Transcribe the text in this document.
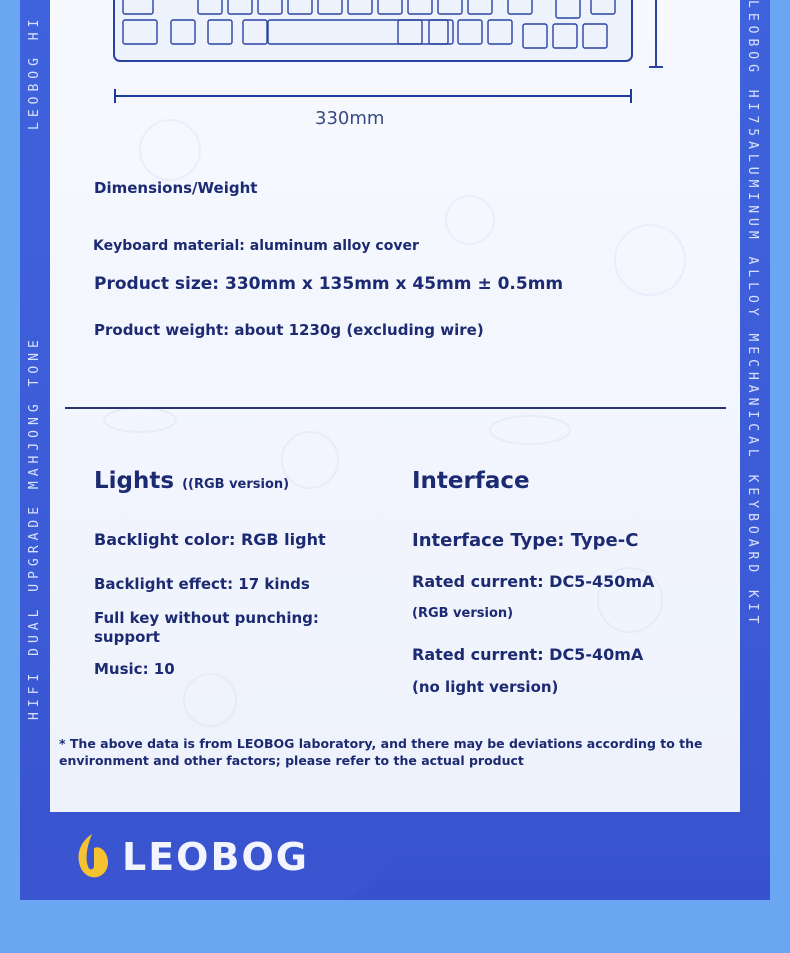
HIFI DUAL UPGRADE MAHJONG TONE
LEOBOG HI	LEOBOG HI75ALUMINUM ALLOY MECHANICAL KEYBOARD KIT
330mm
Dimensions/Weight
Keyboard material: aluminum alloy cover
Product size: 330mm x 135mm x 45mm ± 0.5mm
Product weight: about 1230g (excluding wire)
Lights ((RGB version)
Backlight color: RGB light
Backlight effect: 17 kinds
Full key without punching:
support
Music: 10
Interface
Interface Type: Type-C
Rated current: DC5-450mA
(RGB version)
Rated current: DC5-40mA
(no light version)
* The above data is from LEOBOG laboratory, and there may be deviations according to the
environment and other factors; please refer to the actual product
LEOBOG
